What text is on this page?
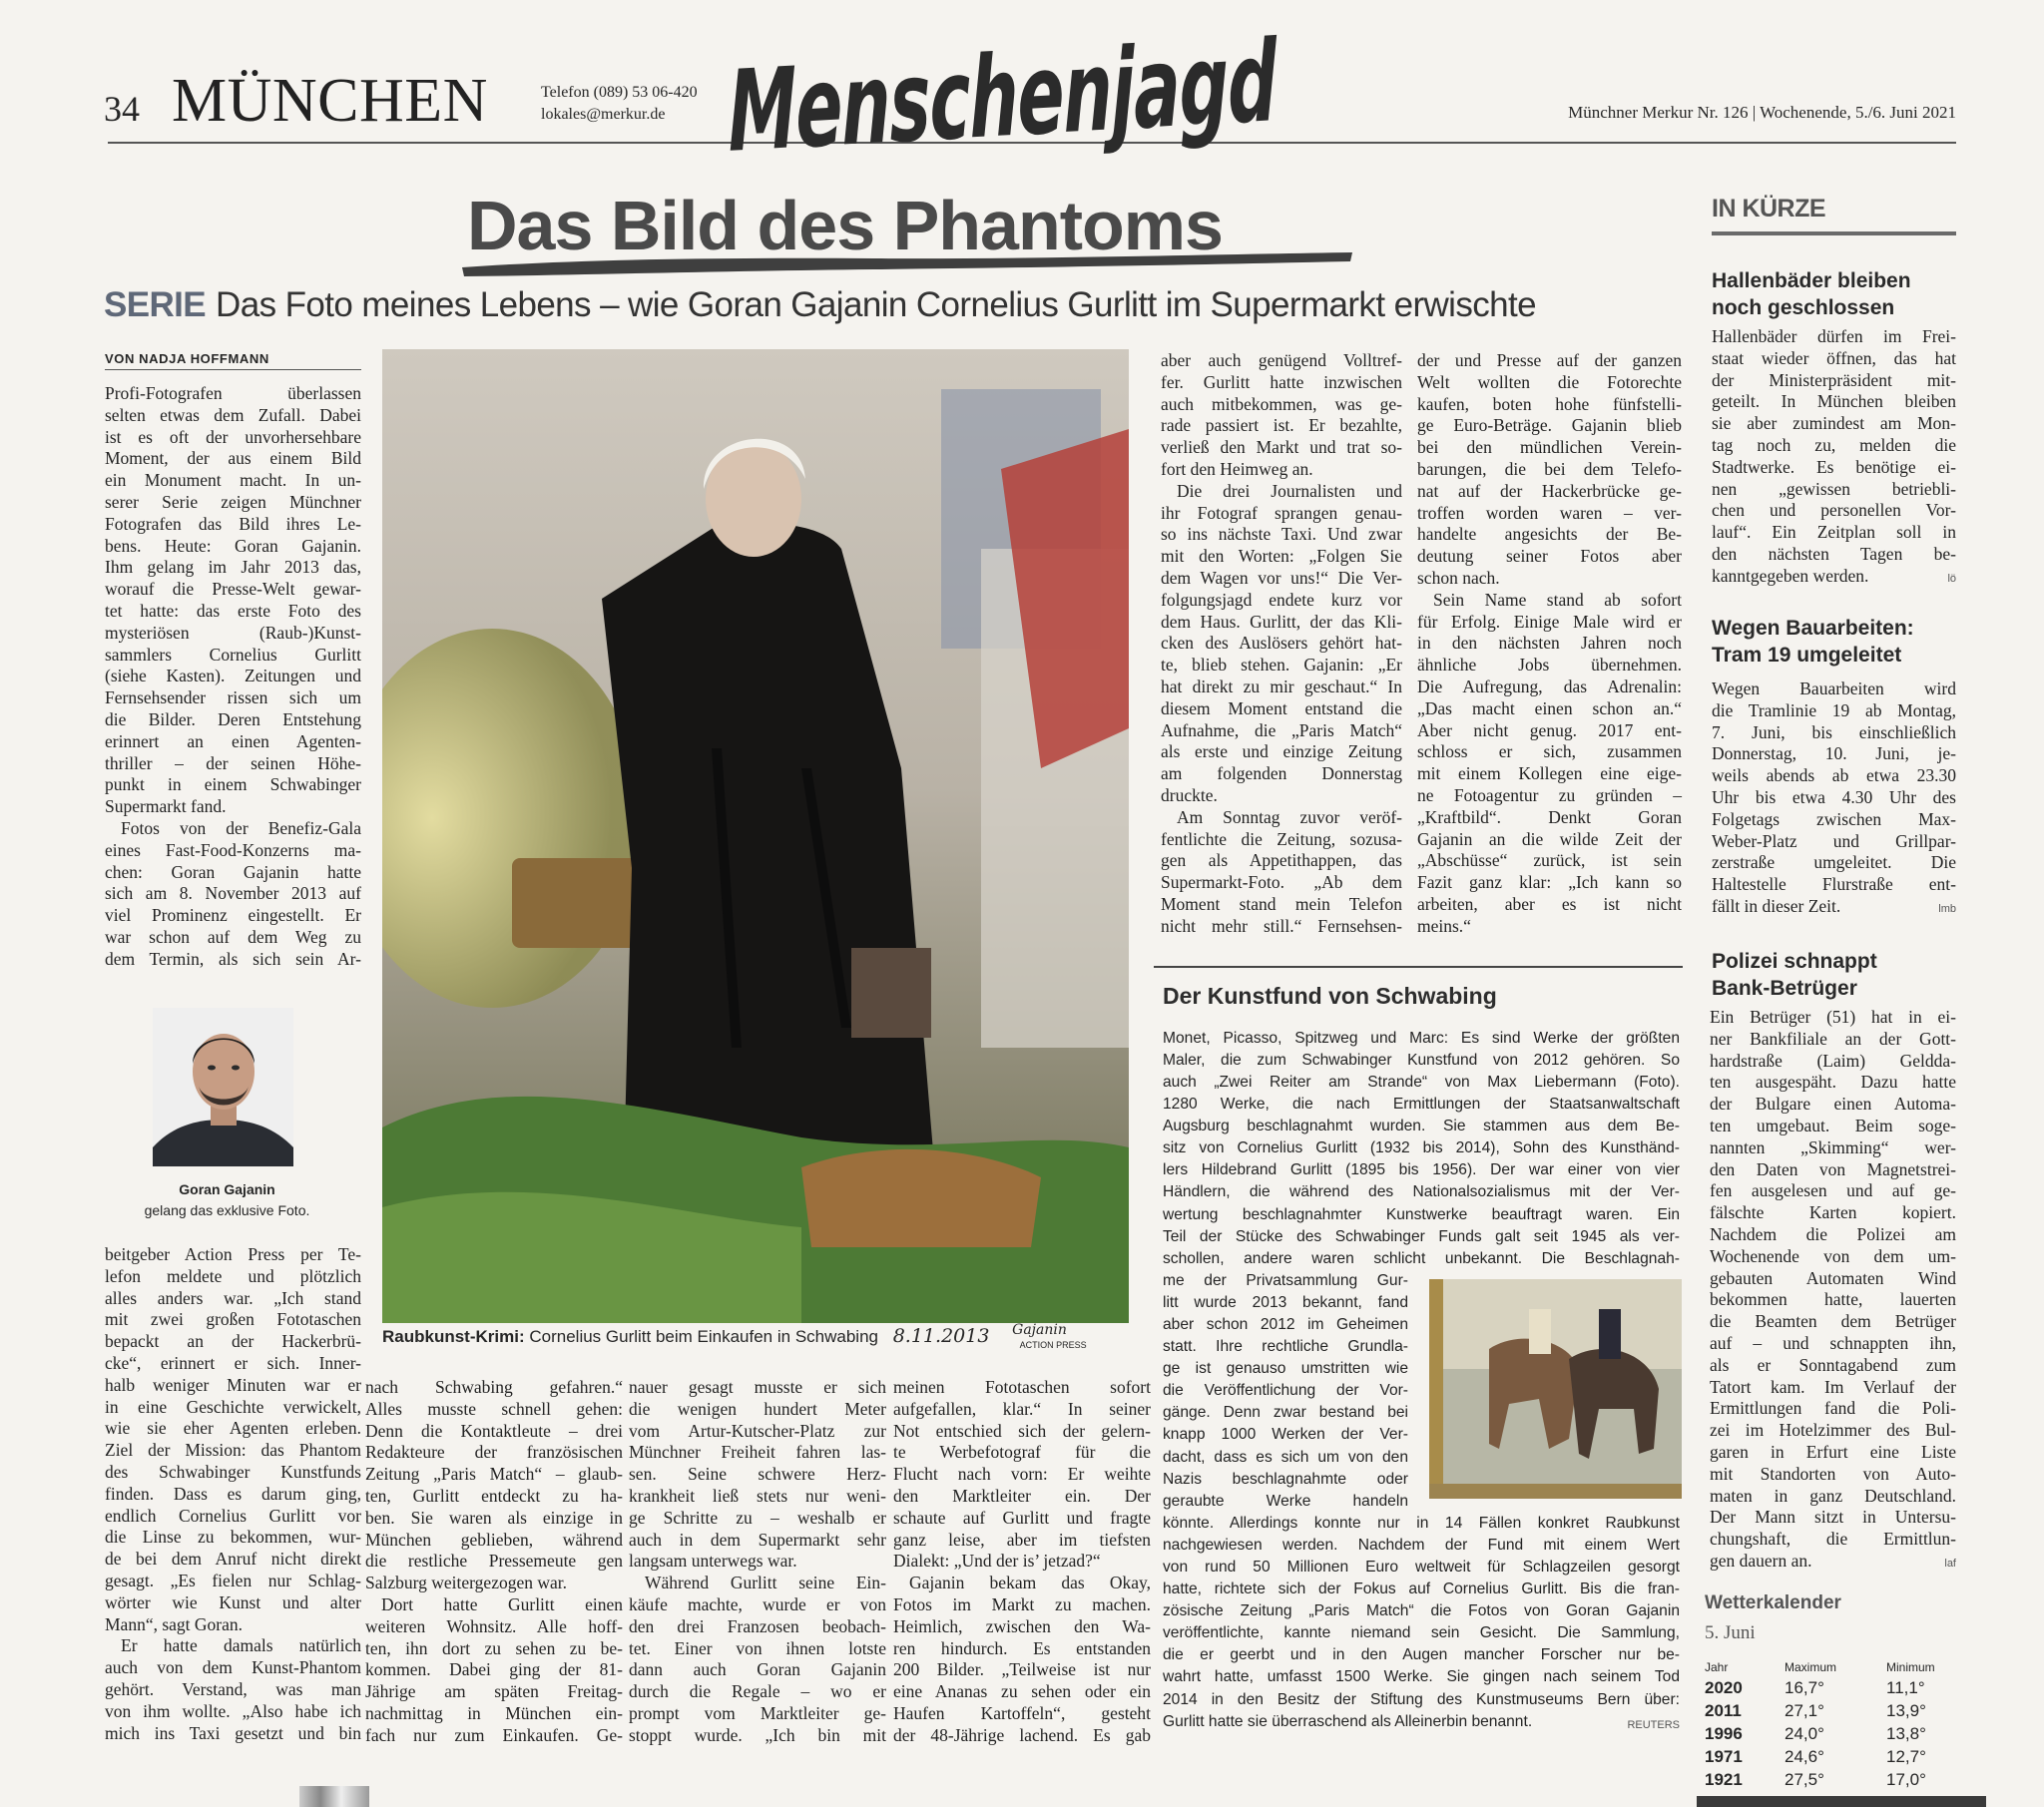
34 MÜNCHEN	Telefon (089) 53 06-420
lokales@merkur.de	Münchner Merkur Nr. 126 | Wochenende, 5./6. Juni 2021
Menschenjagd
Das Bild des Phantoms	IN KÜRZE
SERIE Das Foto meines Lebens – wie Goran Gajanin Cornelius Gurlitt im Supermarkt erwischte
VON NADJA HOFFMANN
Profi-Fotografen überlassen
selten etwas dem Zufall. Dabei
ist es oft der unvorhersehbare
Moment, der aus einem Bild
ein Monument macht. In un-
serer Serie zeigen Münchner
Fotografen das Bild ihres Le-
bens. Heute: Goran Gajanin.
Ihm gelang im Jahr 2013 das,
worauf die Presse-Welt gewar-
tet hatte: das erste Foto des
mysteriösen (Raub-)Kunst-
sammlers Cornelius Gurlitt
(siehe Kasten). Zeitungen und
Fernsehsender rissen sich um
die Bilder. Deren Entstehung
erinnert an einen Agenten-
thriller – der seinen Höhe-
punkt in einem Schwabinger
Supermarkt fand.
Fotos von der Benefiz-Gala
eines Fast-Food-Konzerns ma-
chen: Goran Gajanin hatte
sich am 8. November 2013 auf
viel Prominenz eingestellt. Er
war schon auf dem Weg zu
dem Termin, als sich sein Ar-
beitgeber Action Press per Te-
lefon meldete und plötzlich
alles anders war. „Ich stand
mit zwei großen Fototaschen
bepackt an der Hackerbrü-
cke“, erinnert er sich. Inner-
halb weniger Minuten war er
in eine Geschichte verwickelt,
wie sie eher Agenten erleben.
Ziel der Mission: das Phantom
des Schwabinger Kunstfunds
finden. Dass es darum ging,
endlich Cornelius Gurlitt vor
die Linse zu bekommen, wur-
de bei dem Anruf nicht direkt
gesagt. „Es fielen nur Schlag-
wörter wie Kunst und alter
Mann“, sagt Goran.
Er hatte damals natürlich
auch von dem Kunst-Phantom
gehört. Verstand, was man
von ihm wollte. „Also habe ich
mich ins Taxi gesetzt und bin
nach Schwabing gefahren.“
Alles musste schnell gehen:
Denn die Kontaktleute – drei
Redakteure der französischen
Zeitung „Paris Match“ – glaub-
ten, Gurlitt entdeckt zu ha-
ben. Sie waren als einzige in
München geblieben, während
die restliche Pressemeute gen
Salzburg weitergezogen war.
Dort hatte Gurlitt einen
weiteren Wohnsitz. Alle hoff-
ten, ihn dort zu sehen zu be-
kommen. Dabei ging der 81-
Jährige am späten Freitag-
nachmittag in München ein-
fach nur zum Einkaufen. Ge-
nauer gesagt musste er sich
die wenigen hundert Meter
vom Artur-Kutscher-Platz zur
Münchner Freiheit fahren las-
sen. Seine schwere Herz-
krankheit ließ stets nur weni-
ge Schritte zu – weshalb er
auch in dem Supermarkt sehr
langsam unterwegs war.
Während Gurlitt seine Ein-
käufe machte, wurde er von
den drei Franzosen beobach-
tet. Einer von ihnen lotste
dann auch Goran Gajanin
durch die Regale – wo er
prompt vom Marktleiter ge-
stoppt wurde. „Ich bin mit
meinen Fototaschen sofort
aufgefallen, klar.“ In seiner
Not entschied sich der gelern-
te Werbefotograf für die
Flucht nach vorn: Er weihte
den Marktleiter ein. Der
schaute auf Gurlitt und fragte
ganz leise, aber im tiefsten
Dialekt: „Und der is’ jetzad?“
Gajanin bekam das Okay,
Fotos im Markt zu machen.
Heimlich, zwischen den Wa-
ren hindurch. Es entstanden
200 Bilder. „Teilweise ist nur
eine Ananas zu sehen oder ein
Haufen Kartoffeln“, gesteht
der 48-Jährige lachend. Es gab
aber auch genügend Volltref-
fer. Gurlitt hatte inzwischen
auch mitbekommen, was ge-
rade passiert ist. Er bezahlte,
verließ den Markt und trat so-
fort den Heimweg an.
Die drei Journalisten und
ihr Fotograf sprangen genau-
so ins nächste Taxi. Und zwar
mit den Worten: „Folgen Sie
dem Wagen vor uns!“ Die Ver-
folgungsjagd endete kurz vor
dem Haus. Gurlitt, der das Kli-
cken des Auslösers gehört hat-
te, blieb stehen. Gajanin: „Er
hat direkt zu mir geschaut.“ In
diesem Moment entstand die
Aufnahme, die „Paris Match“
als erste und einzige Zeitung
am folgenden Donnerstag
druckte.
Am Sonntag zuvor veröf-
fentlichte die Zeitung, sozusa-
gen als Appetithappen, das
Supermarkt-Foto. „Ab dem
Moment stand mein Telefon
nicht mehr still.“ Fernsehsen-
der und Presse auf der ganzen
Welt wollten die Fotorechte
kaufen, boten hohe fünfstelli-
ge Euro-Beträge. Gajanin blieb
bei den mündlichen Verein-
barungen, die bei dem Telefo-
nat auf der Hackerbrücke ge-
troffen worden waren – ver-
handelte angesichts der Be-
deutung seiner Fotos aber
schon nach.
Sein Name stand ab sofort
für Erfolg. Einige Male wird er
in den nächsten Jahren noch
ähnliche Jobs übernehmen.
Die Aufregung, das Adrenalin:
„Das macht einen schon an.“
Aber nicht genug. 2017 ent-
schloss er sich, zusammen
mit einem Kollegen eine eige-
ne Fotoagentur zu gründen –
„Kraftbild“. Denkt Goran
Gajanin an die wilde Zeit der
„Abschüsse“ zurück, ist sein
Fazit ganz klar: „Ich kann so
arbeiten, aber es ist nicht
meins.“
Goran Gajanin
gelang das exklusive Foto.
Raubkunst-Krimi: Cornelius Gurlitt beim Einkaufen in Schwabing 8.11.2013 $^{Gajanin}$ $_{ACTION PRESS}$
Der Kunstfund von Schwabing
Monet, Picasso, Spitzweg und Marc: Es sind Werke der größten
Maler, die zum Schwabinger Kunstfund von 2012 gehören. So
auch „Zwei Reiter am Strande“ von Max Liebermann (Foto).
1280 Werke, die nach Ermittlungen der Staatsanwaltschaft
Augsburg beschlagnahmt wurden. Sie stammen aus dem Be-
sitz von Cornelius Gurlitt (1932 bis 2014), Sohn des Kunsthänd-
lers Hildebrand Gurlitt (1895 bis 1956). Der war einer von vier
Händlern, die während des Nationalsozialismus mit der Ver-
wertung beschlagnahmter Kunstwerke beauftragt waren. Ein
Teil der Stücke des Schwabinger Funds galt seit 1945 als ver-
schollen, andere waren schlicht unbekannt. Die Beschlagnah-
me der Privatsammlung Gur-
litt wurde 2013 bekannt, fand
aber schon 2012 im Geheimen
statt. Ihre rechtliche Grundla-
ge ist genauso umstritten wie
die Veröffentlichung der Vor-
gänge. Denn zwar bestand bei
knapp 1000 Werken der Ver-
dacht, dass es sich um von den
Nazis beschlagnahmte oder
geraubte Werke handeln
könnte. Allerdings konnte nur in 14 Fällen konkret Raubkunst
nachgewiesen werden. Nachdem der Fund mit einem Wert
von rund 50 Millionen Euro weltweit für Schlagzeilen gesorgt
hatte, richtete sich der Fokus auf Cornelius Gurlitt. Bis die fran-
zösische Zeitung „Paris Match“ die Fotos von Goran Gajanin
veröffentlichte, kannte niemand sein Gesicht. Die Sammlung,
die er geerbt und in den Augen mancher Forscher nur be-
wahrt hatte, umfasst 1500 Werke. Sie gingen nach seinem Tod
2014 in den Besitz der Stiftung des Kunstmuseums Bern über:
REUTERS
Gurlitt hatte sie überraschend als Alleinerbin benannt.
Hallenbäder bleiben
noch geschlossen
Hallenbäder dürfen im Frei-
staat wieder öffnen, das hat
der Ministerpräsident mit-
geteilt. In München bleiben
sie aber zumindest am Mon-
tag noch zu, melden die
Stadtwerke. Es benötige ei-
nen „gewissen betriebli-
chen und personellen Vor-
lauf“. Ein Zeitplan soll in
den nächsten Tagen be-
lö
kanntgegeben werden.
Wegen Bauarbeiten:
Tram 19 umgeleitet
Wegen Bauarbeiten wird
die Tramlinie 19 ab Montag,
7. Juni, bis einschließlich
Donnerstag, 10. Juni, je-
weils abends ab etwa 23.30
Uhr bis etwa 4.30 Uhr des
Folgetags zwischen Max-
Weber-Platz und Grillpar-
zerstraße umgeleitet. Die
Haltestelle Flurstraße ent-
lmb
fällt in dieser Zeit.
Polizei schnappt
Bank-Betrüger
Ein Betrüger (51) hat in ei-
ner Bankfiliale an der Gott-
hardstraße (Laim) Geldda-
ten ausgespäht. Dazu hatte
der Bulgare einen Automa-
ten umgebaut. Beim soge-
nannten „Skimming“ wer-
den Daten von Magnetstrei-
fen ausgelesen und auf ge-
fälschte Karten kopiert.
Nachdem die Polizei am
Wochenende von dem um-
gebauten Automaten Wind
bekommen hatte, lauerten
die Beamten dem Betrüger
auf – und schnappten ihn,
als er Sonntagabend zum
Tatort kam. Im Verlauf der
Ermittlungen fand die Poli-
zei im Hotelzimmer des Bul-
garen in Erfurt eine Liste
mit Standorten von Auto-
maten in ganz Deutschland.
Der Mann sitzt in Untersu-
chungshaft, die Ermittlun-
laf
gen dauern an.
Wetterkalender
5. Juni
Jahr	Maximum	Minimum
2020	16,7°	11,1°
2011	27,1°	13,9°
1996	24,0°	13,8°
1971	24,6°	12,7°
1921	27,5°	17,0°
